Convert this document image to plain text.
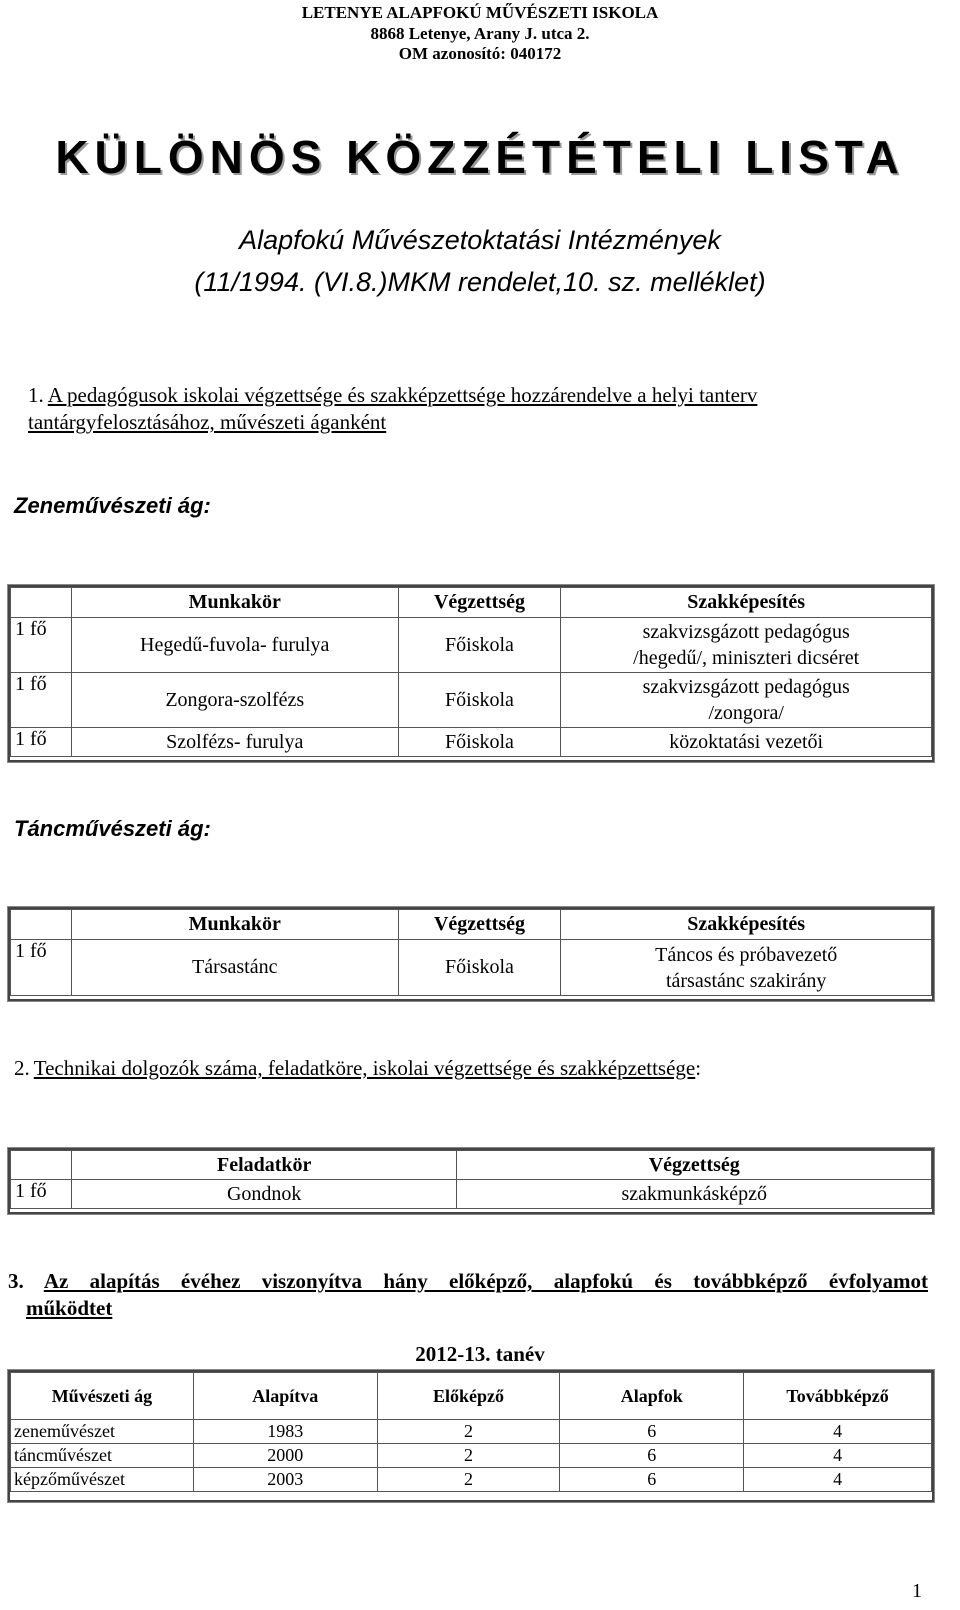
LETENYE ALAPFOKÚ MŰVÉSZETI ISKOLA
8868 Letenye, Arany J. utca 2.
OM azonosító: 040172
KÜLÖNÖS KÖZZÉTÉTELI LISTA
Alapfokú Művészetoktatási Intézmények
(11/1994. (VI.8.)MKM rendelet,10. sz. melléklet)
1. A pedagógusok iskolai végzettsége és szakképzettsége hozzárendelve a helyi tanterv
tantárgyfelosztásához, művészeti áganként
Zeneművészeti ág:
	Munkakör	Végzettség	Szakképesítés
1 fő	Hegedű-fuvola- furulya	Főiskola	szakvizsgázott pedagógus
/hegedű/, miniszteri dicséret
1 fő	Zongora-szolfézs	Főiskola	szakvizsgázott pedagógus
/zongora/
1 fő	Szolfézs- furulya	Főiskola	közoktatási vezetői
Táncművészeti ág:
	Munkakör	Végzettség	Szakképesítés
1 fő	Társastánc	Főiskola	Táncos és próbavezető
társastánc szakirány
2. Technikai dolgozók száma, feladatköre, iskolai végzettsége és szakképzettsége:
	Feladatkör	Végzettség
1 fő	Gondnok	szakmunkásképző
3. Az alapítás évéhez viszonyítva hány előképző, alapfokú és továbbképző évfolyamot
működtet
2012-13. tanév
Művészeti ág	Alapítva	Előképző	Alapfok	Továbbképző
zeneművészet	1983	2	6	4
táncművészet	2000	2	6	4
képzőművészet	2003	2	6	4
1
